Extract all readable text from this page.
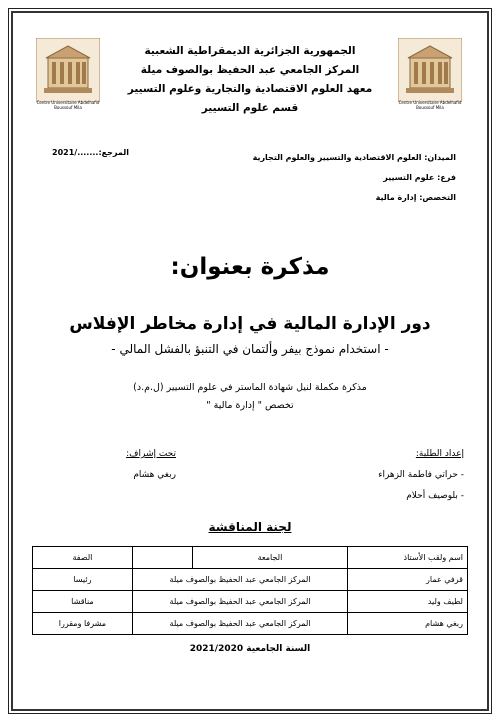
Centre Universitaire Abdelhafid Boussouf Mila
Centre Universitaire Abdelhafid Boussouf Mila
الجمهورية الجزائرية الديمقراطية الشعبية
المركز الجامعي عبد الحفيظ بوالصوف ميلة
معهد العلوم الاقتصادية والتجارية وعلوم التسيير
قسم علوم التسيير
الميدان: العلوم الاقتصادية والتسيير والعلوم التجارية
فرع: علوم التسيير
التخصص: إدارة مالية
المرجع:......./2021
مذكرة بعنوان:
دور الإدارة المالية في إدارة مخاطر الإفلاس
- استخدام نموذج بيفر وألتمان في التنبؤ بالفشل المالي -
مذكرة مكملة لنيل شهادة الماستر في علوم التسيير (ل.م.د)
تخصص " إدارة مالية "
إعداد الطلبة:
- حراتي فاطمة الزهراء
- بلوصيف أحلام
تحت إشراف:
ربغي هشام
لجنة المناقشة
اسم ولقب الأستاذ	الجامعة		الصفة
قرفي عمار	المركز الجامعي عبد الحفيظ بوالصوف ميلة		رئيسا
لطيف وليد	المركز الجامعي عبد الحفيظ بوالصوف ميلة		مناقشا
ربغي هشام	المركز الجامعي عبد الحفيظ بوالصوف ميلة		مشرفا ومقررا
السنة الجامعية 2021/2020
